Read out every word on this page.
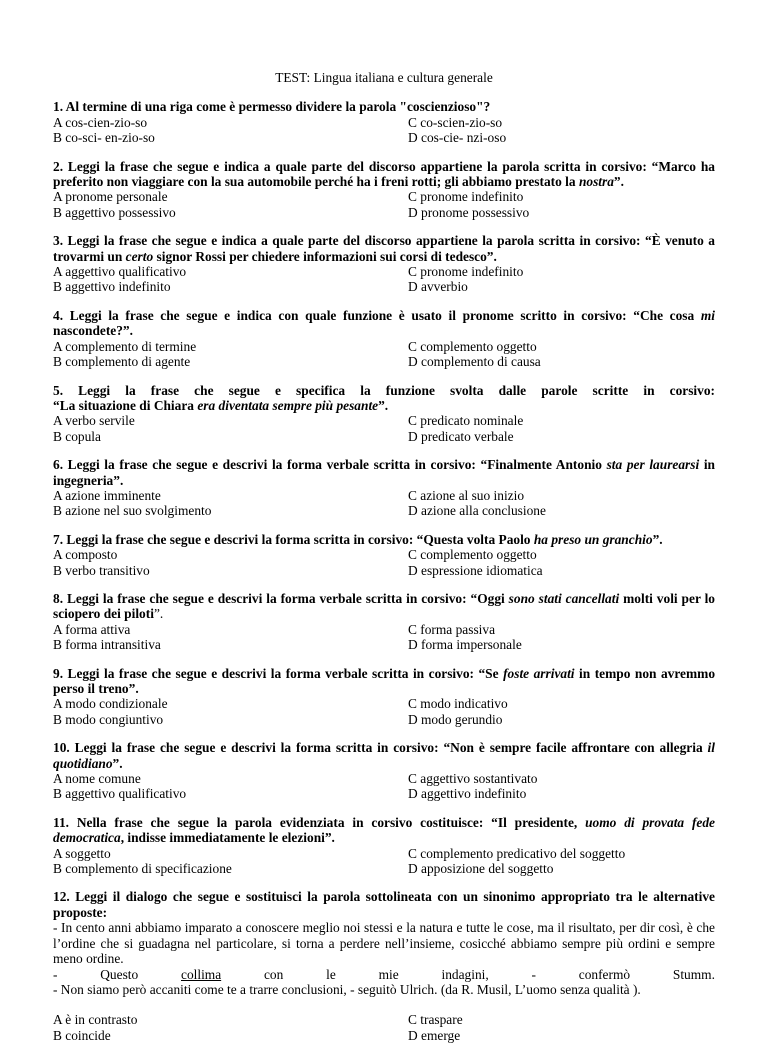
TEST: Lingua italiana e cultura generale
1. Al termine di una riga come è permesso dividere la parola "coscienzioso"?
A cos-cien-zio-so	C co-scien-zio-so
B co-sci- en-zio-so	D cos-cie- nzi-oso
2. Leggi la frase che segue e indica a quale parte del discorso appartiene la parola scritta in corsivo: “Marco ha preferito non viaggiare con la sua automobile perché ha i freni rotti; gli abbiamo prestato la nostra”.
A pronome personale	C pronome indefinito
B aggettivo possessivo	D pronome possessivo
3. Leggi la frase che segue e indica a quale parte del discorso appartiene la parola scritta in corsivo: “È venuto a trovarmi un certo signor Rossi per chiedere informazioni sui corsi di tedesco”.
A aggettivo qualificativo	C pronome indefinito
B aggettivo indefinito	D avverbio
4. Leggi la frase che segue e indica con quale funzione è usato il pronome scritto in corsivo: “Che cosa mi nascondete?”.
A complemento di termine	C complemento oggetto
B complemento di agente	D complemento di causa
5. Leggi la frase che segue e specifica la funzione svolta dalle parole scritte in corsivo:
“La situazione di Chiara era diventata sempre più pesante”.
A verbo servile	C predicato nominale
B copula	D predicato verbale
6. Leggi la frase che segue e descrivi la forma verbale scritta in corsivo: “Finalmente Antonio sta per laurearsi in ingegneria”.
A azione imminente	C azione al suo inizio
B azione nel suo svolgimento	D azione alla conclusione
7. Leggi la frase che segue e descrivi la forma scritta in corsivo: “Questa volta Paolo ha preso un granchio”.
A composto	C complemento oggetto
B verbo transitivo	D espressione idiomatica
8. Leggi la frase che segue e descrivi la forma verbale scritta in corsivo: “Oggi sono stati cancellati molti voli per lo sciopero dei piloti”.
A forma attiva	C forma passiva
B forma intransitiva	D forma impersonale
9. Leggi la frase che segue e descrivi la forma verbale scritta in corsivo: “Se foste arrivati in tempo non avremmo perso il treno”.
A modo condizionale	C modo indicativo
B modo congiuntivo	D modo gerundio
10. Leggi la frase che segue e descrivi la forma scritta in corsivo: “Non è sempre facile affrontare con allegria il quotidiano”.
A nome comune	C aggettivo sostantivato
B aggettivo qualificativo	D aggettivo indefinito
11. Nella frase che segue la parola evidenziata in corsivo costituisce: “Il presidente, uomo di provata fede democratica, indisse immediatamente le elezioni”.
A soggetto	C complemento predicativo del soggetto
B complemento di specificazione	D apposizione del soggetto
12. Leggi il dialogo che segue e sostituisci la parola sottolineata con un sinonimo appropriato tra le alternative proposte:
- In cento anni abbiamo imparato a conoscere meglio noi stessi e la natura e tutte le cose, ma il risultato, per dir così, è che l’ordine che si guadagna nel particolare, si torna a perdere nell’insieme, cosicché abbiamo sempre più ordini e sempre meno ordine.
-	Questo	collima	con	le	mie	indagini,	-	confermò	Stumm.
- Non siamo però accaniti come te a trarre conclusioni, - seguitò Ulrich. (da R. Musil, L’uomo senza qualità ).
A è in contrasto	C traspare
B coincide	D emerge
